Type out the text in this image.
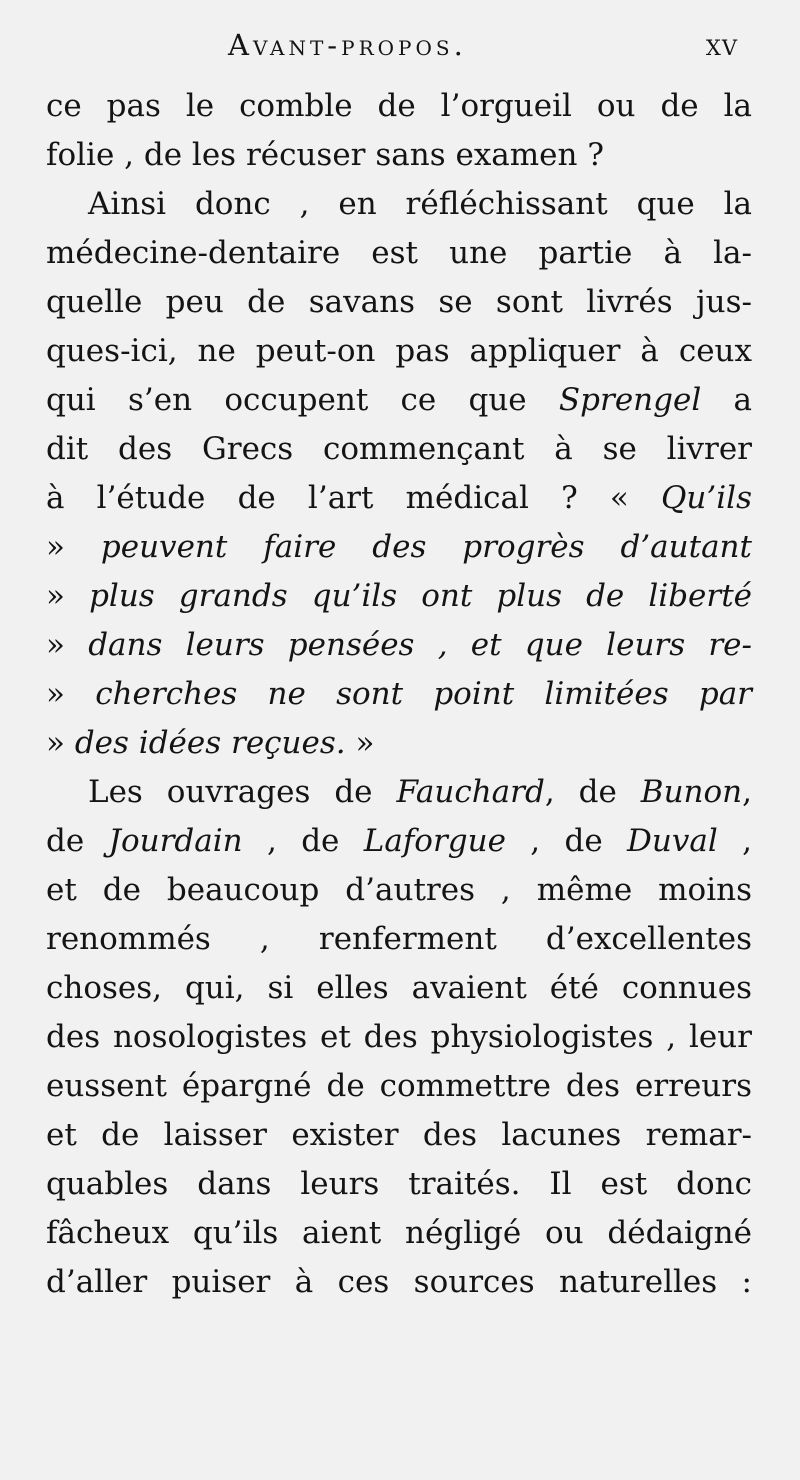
Avant-propos.	xv
ce pas le comble de l’orgueil ou de la
folie , de les récuser sans examen ?
Ainsi donc , en réfléchissant que la
médecine-dentaire est une partie à la-
quelle peu de savans se sont livrés jus-
ques-ici, ne peut-on pas appliquer à ceux
qui s’en occupent ce que Sprengel a
dit des Grecs commençant à se livrer
à l’étude de l’art médical ? « Qu’ils
» peuvent faire des progrès d’autant
» plus grands qu’ils ont plus de liberté
» dans leurs pensées , et que leurs re-
» cherches ne sont point limitées par
» des idées reçues. »
Les ouvrages de Fauchard, de Bunon,
de Jourdain , de Laforgue , de Duval ,
et de beaucoup d’autres , même moins
renommés , renferment d’excellentes
choses, qui, si elles avaient été connues
des nosologistes et des physiologistes , leur
eussent épargné de commettre des erreurs
et de laisser exister des lacunes remar-
quables dans leurs traités. Il est donc
fâcheux qu’ils aient négligé ou dédaigné
d’aller puiser à ces sources naturelles :
